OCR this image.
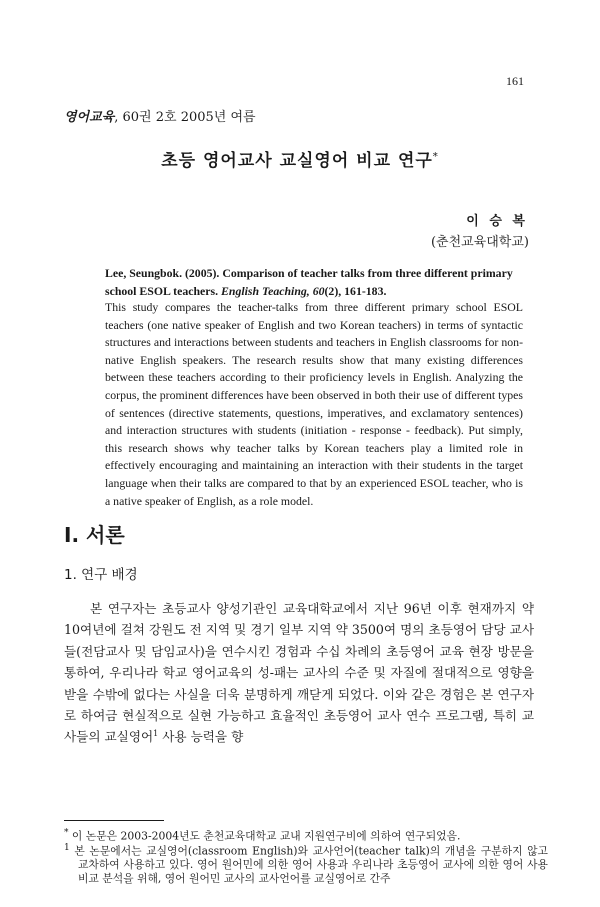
161
영어교육, 60권 2호 2005년 여름
초등 영어교사 교실영어 비교 연구*
이 승 복
(춘천교육대학교)
Lee, Seungbok. (2005). Comparison of teacher talks from three different primary school ESOL teachers. English Teaching, 60(2), 161-183.
This study compares the teacher-talks from three different primary school ESOL teachers (one native speaker of English and two Korean teachers) in terms of syntactic structures and interactions between students and teachers in English classrooms for non-native English speakers. The research results show that many existing differences between these teachers according to their proficiency levels in English. Analyzing the corpus, the prominent differences have been observed in both their use of different types of sentences (directive statements, questions, imperatives, and exclamatory sentences) and interaction structures with students (initiation - response - feedback). Put simply, this research shows why teacher talks by Korean teachers play a limited role in effectively encouraging and maintaining an interaction with their students in the target language when their talks are compared to that by an experienced ESOL teacher, who is a native speaker of English, as a role model.
I. 서론
1. 연구 배경
본 연구자는 초등교사 양성기관인 교육대학교에서 지난 96년 이후 현재까지 약 10여년에 걸쳐 강원도 전 지역 및 경기 일부 지역 약 3500여 명의 초등영어 담당 교사들(전담교사 및 담임교사)을 연수시킨 경험과 수십 차례의 초등영어 교육 현장 방문을 통하여, 우리나라 학교 영어교육의 성-패는 교사의 수준 및 자질에 절대적으로 영향을 받을 수밖에 없다는 사실을 더욱 분명하게 깨닫게 되었다. 이와 같은 경험은 본 연구자로 하여금 현실적으로 실현 가능하고 효율적인 초등영어 교사 연수 프로그램, 특히 교사들의 교실영어$^1$ 사용 능력을 향
* 이 논문은 2003-2004년도 춘천교육대학교 교내 지원연구비에 의하여 연구되었음.
$^1$ 본 논문에서는 교실영어(classroom English)와 교사언어(teacher talk)의 개념을 구분하지 않고 교차하여 사용하고 있다. 영어 원어민에 의한 영어 사용과 우리나라 초등영어 교사에 의한 영어 사용 비교 분석을 위해, 영어 원어민 교사의 교사언어를 교실영어로 간주
